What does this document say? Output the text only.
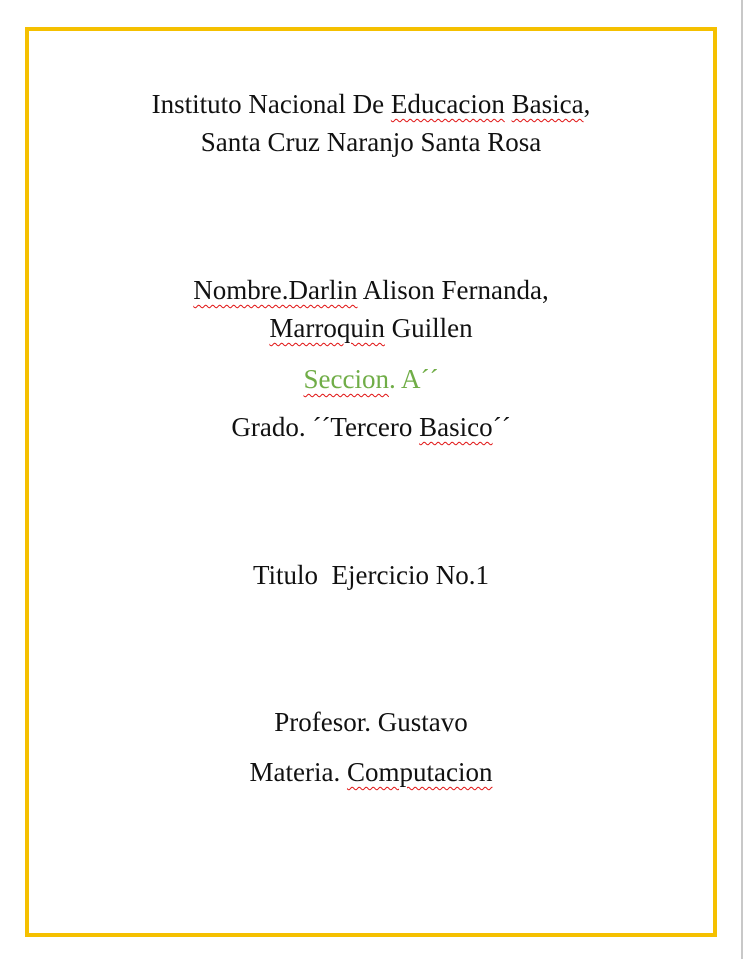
Instituto Nacional De Educacion Basica,
Santa Cruz Naranjo Santa Rosa
Nombre.Darlin Alison Fernanda,
Marroquin Guillen
Seccion. A´´
Grado. ´´Tercero Basico´´
Titulo  Ejercicio No.1
Profesor. Gustavo
Materia. Computacion
